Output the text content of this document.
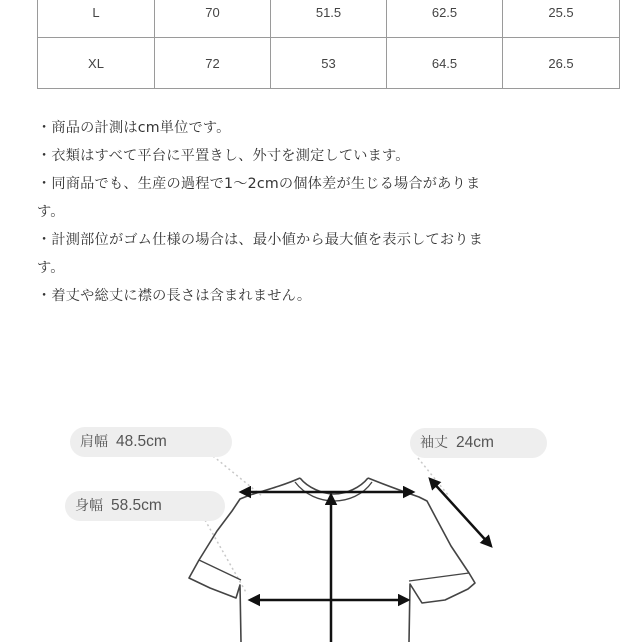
L	70	51.5	62.5	25.5
XL	72	53	64.5	26.5
・商品の計測はcm単位です。
・衣類はすべて平台に平置きし、外寸を測定しています。
・同商品でも、生産の過程で1〜2cmの個体差が生じる場合がありま
す。
・計測部位がゴム仕様の場合は、最小値から最大値を表示しておりま
す。
・着丈や総丈に襟の長さは含まれません。
肩幅 48.5cm	袖丈 24cm
身幅 58.5cm
